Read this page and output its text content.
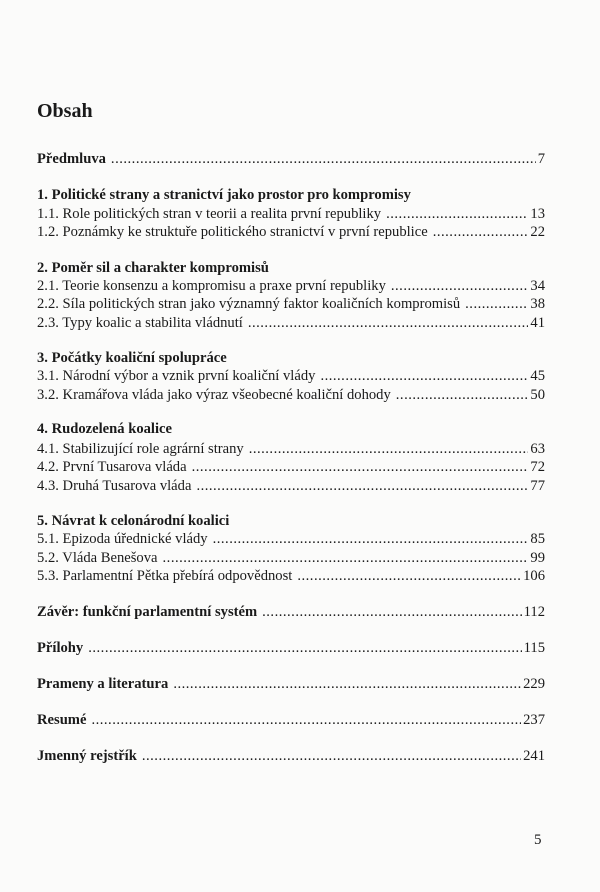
Obsah
Předmluva .....	7
1. Politické strany a stranictví jako prostor pro kompromisy
1.1. Role politických stran v teorii a realita první republiky .....	13
1.2. Poznámky ke struktuře politického stranictví v první republice .....	22
2. Poměr sil a charakter kompromisů
2.1. Teorie konsenzu a kompromisu a praxe první republiky .....	34
2.2. Síla politických stran jako významný faktor koaličních kompromisů .....	38
2.3. Typy koalic a stabilita vládnutí .....	41
3. Počátky koaliční spolupráce
3.1. Národní výbor a vznik první koaliční vlády .....	45
3.2. Kramářova vláda jako výraz všeobecné koaliční dohody .....	50
4. Rudozelená koalice
4.1. Stabilizující role agrární strany .....	63
4.2. První Tusarova vláda .....	72
4.3. Druhá Tusarova vláda .....	77
5. Návrat k celonárodní koalici
5.1. Epizoda úřednické vlády .....	85
5.2. Vláda Benešova .....	99
5.3. Parlamentní Pětka přebírá odpovědnost .....	106
Závěr: funkční parlamentní systém .....	112
Přílohy .....	115
Prameny a literatura .....	229
Resumé .....	237
Jmenný rejstřík .....	241
5
